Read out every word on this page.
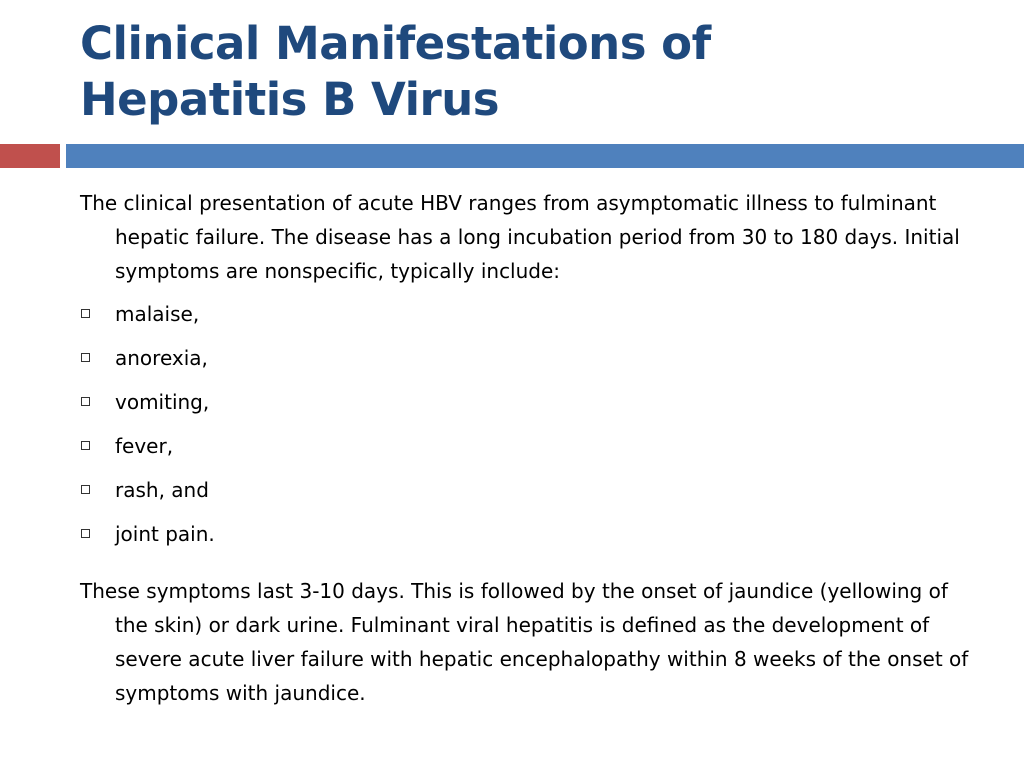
Clinical Manifestations of
Hepatitis B Virus

The clinical presentation of acute HBV ranges from asymptomatic illness to fulminant hepatic failure. The disease has a long incubation period from 30 to 180 days. Initial symptoms are nonspecific, typically include:

malaise,
anorexia,
vomiting,
fever,
rash, and
joint pain.

These symptoms last 3-10 days. This is followed by the onset of jaundice (yellowing of the skin) or dark urine. Fulminant viral hepatitis is defined as the development of severe acute liver failure with hepatic encephalopathy within 8 weeks of the onset of symptoms with jaundice.
